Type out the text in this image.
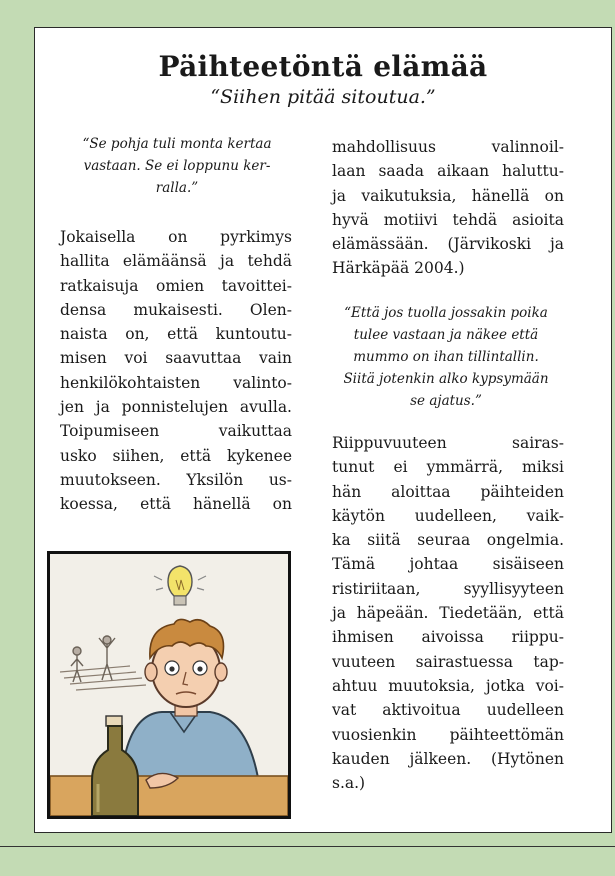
Päihteetöntä elämää
“Siihen pitää sitoutua.”

“Se pohja tuli monta kertaa
vastaan. Se ei loppunu ker-
ralla.”

Jokaisella on pyrkimys
hallita elämäänsä ja tehdä
ratkaisuja omien tavoittei-
densa mukaisesti. Olen-
naista on, että kuntoutu-
misen voi saavuttaa vain
henkilökohtaisten valinto-
jen ja ponnistelujen avulla.
Toipumiseen vaikuttaa
usko siihen, että kykenee
muutokseen. Yksilön us-
koessa, että hänellä on

mahdollisuus valinnoil-
laan saada aikaan haluttu-
ja vaikutuksia, hänellä on
hyvä motiivi tehdä asioita
elämässään. (Järvikoski ja
Härkäpää 2004.)

“Että jos tuolla jossakin poika
tulee vastaan ja näkee että
mummo on ihan tillintallin.
Siitä jotenkin alko kypsymään
se ajatus.”

Riippuvuuteen sairas-
tunut ei ymmärrä, miksi
hän aloittaa päihteiden
käytön uudelleen, vaik-
ka siitä seuraa ongelmia.
Tämä johtaa sisäiseen
ristiriitaan, syyllisyyteen
ja häpeään. Tiedetään, että
ihmisen aivoissa riippu-
vuuteen sairastuessa tap-
ahtuu muutoksia, jotka voi-
vat aktivoitua uudelleen
vuosienkin päihteettömän
kauden jälkeen. (Hytönen
s.a.)
